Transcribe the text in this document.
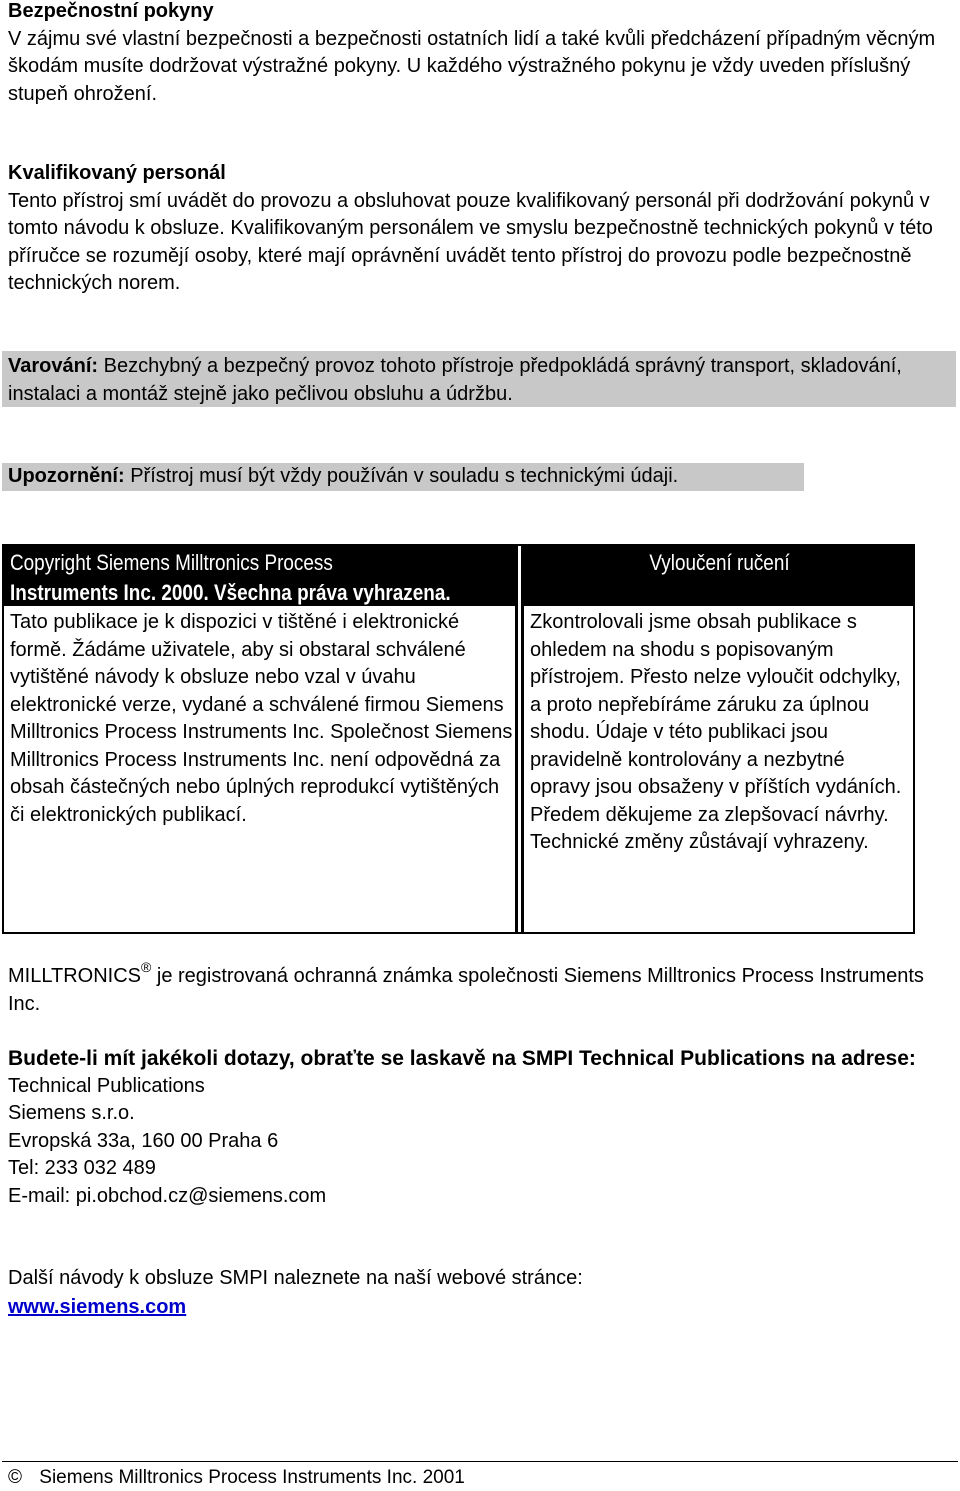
Bezpečnostní pokyny
V zájmu své vlastní bezpečnosti a bezpečnosti ostatních lidí a také kvůli předcházení případným věcným škodám musíte dodržovat výstražné pokyny. U každého výstražného pokynu je vždy uveden příslušný stupeň ohrožení.
Kvalifikovaný personál
Tento přístroj smí uvádět do provozu a obsluhovat pouze kvalifikovaný personál při dodržování pokynů v tomto návodu k obsluze. Kvalifikovaným personálem ve smyslu bezpečnostně technických pokynů v této příručce se rozumějí osoby, které mají oprávnění uvádět tento přístroj do provozu podle bezpečnostně technických norem.
Varování: Bezchybný a bezpečný provoz tohoto přístroje předpokládá správný transport, skladování, instalaci a montáž stejně jako pečlivou obsluhu a údržbu.
Upozornění: Přístroj musí být vždy používán v souladu s technickými údaji.
Copyright Siemens Milltronics Process
Instruments Inc. 2000. Všechna práva vyhrazena.
Tato publikace je k dispozici v tištěné i elektronické formě. Žádáme uživatele, aby si obstaral schválené vytištěné návody k obsluze nebo vzal v úvahu elektronické verze, vydané a schválené firmou Siemens Milltronics Process Instruments Inc. Společnost Siemens Milltronics Process Instruments Inc. není odpovědná za obsah částečných nebo úplných reprodukcí vytištěných či elektronických publikací.
Vyloučení ručení
Zkontrolovali jsme obsah publikace s ohledem na shodu s popisovaným přístrojem. Přesto nelze vyloučit odchylky, a proto nepřebíráme záruku za úplnou shodu. Údaje v této publikaci jsou pravidelně kontrolovány a nezbytné opravy jsou obsaženy v příštích vydáních. Předem děkujeme za zlepšovací návrhy.
Technické změny zůstávají vyhrazeny.
MILLTRONICS® je registrovaná ochranná známka společnosti Siemens Milltronics Process Instruments Inc.
Budete-li mít jakékoli dotazy, obraťte se laskavě na SMPI Technical Publications na adrese:
Technical Publications
Siemens s.r.o.
Evropská 33a, 160 00 Praha 6
Tel: 233 032 489
E-mail: pi.obchod.cz@siemens.com
Další návody k obsluze SMPI naleznete na naší webové stránce:
www.siemens.com
© Siemens Milltronics Process Instruments Inc. 2001
